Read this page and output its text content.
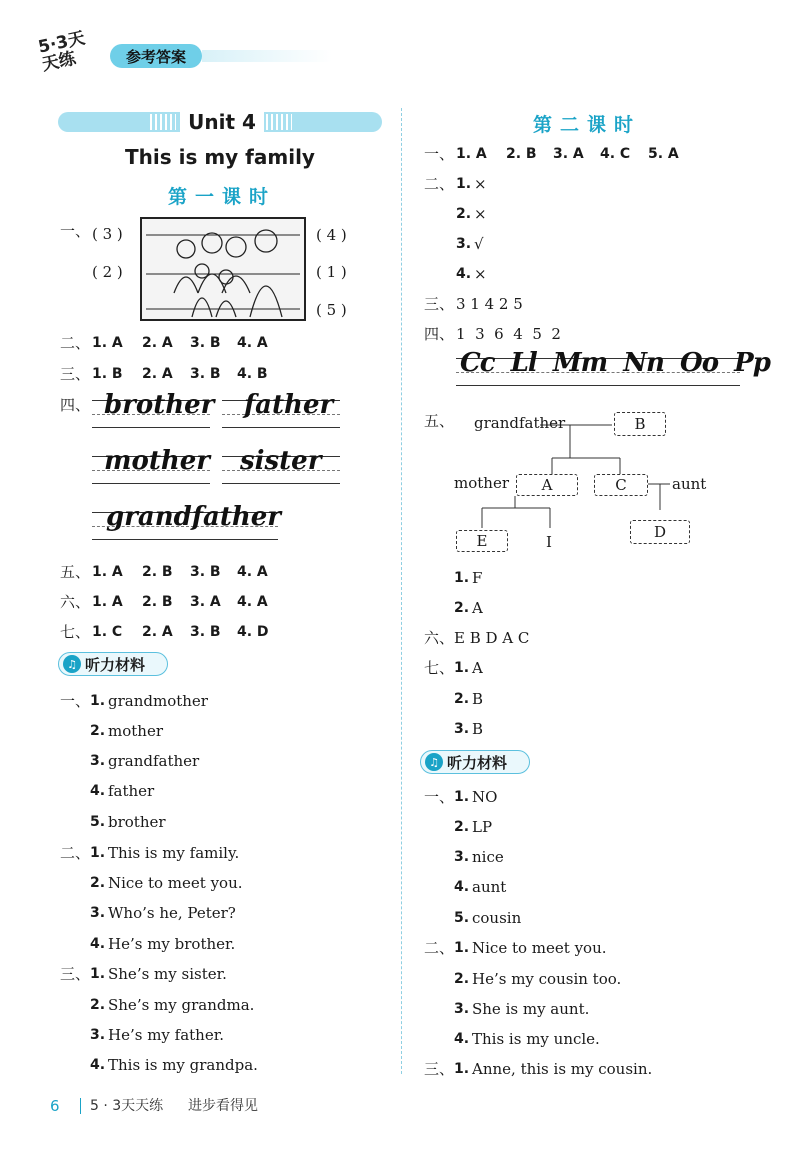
5·3天天练	参考答案
Unit 4
This is my family
第一课时
一、 ( 3 )
( 2 )
( 4 )
( 1 )
( 5 )
二、 1. A 2. A 3. B 4. A
三、 1. B 2. A 3. B 4. B
四、 brother father
mother sister
grandfather
五、 1. A 2. B 3. B 4. A
六、 1. A 2. B 3. A 4. A
七、 1. C 2. A 3. B 4. D
♫ 听力材料
一、 1. grandmother
2. mother
3. grandfather
4. father
5. brother
二、 1. This is my family.
2. Nice to meet you.
3. Who’s he, Peter?
4. He’s my brother.
三、 1. She’s my sister.
2. She’s my grandma.
3. He’s my father.
4. This is my grandpa.
第二课时
一、 1. A 2. B 3. A 4. C 5. A
二、 1. ×
2. ×
3. √
4. ×
三、 3 1 4 2 5
四、 1  3  6  4  5  2
Cc  Ll  Mm  Nn  Oo  Pp
五、 grandfather	B
mother	A	C	aunt
D
E	I
1. F
2. A
六、 E B D A C
七、 1. A
2. B
3. B
♫ 听力材料
一、 1. NO
2. LP
3. nice
4. aunt
5. cousin
二、 1. Nice to meet you.
2. He’s my cousin too.
3. She is my aunt.
4. This is my uncle.
三、 1. Anne, this is my cousin.
6 5 · 3天天练 进步看得见
